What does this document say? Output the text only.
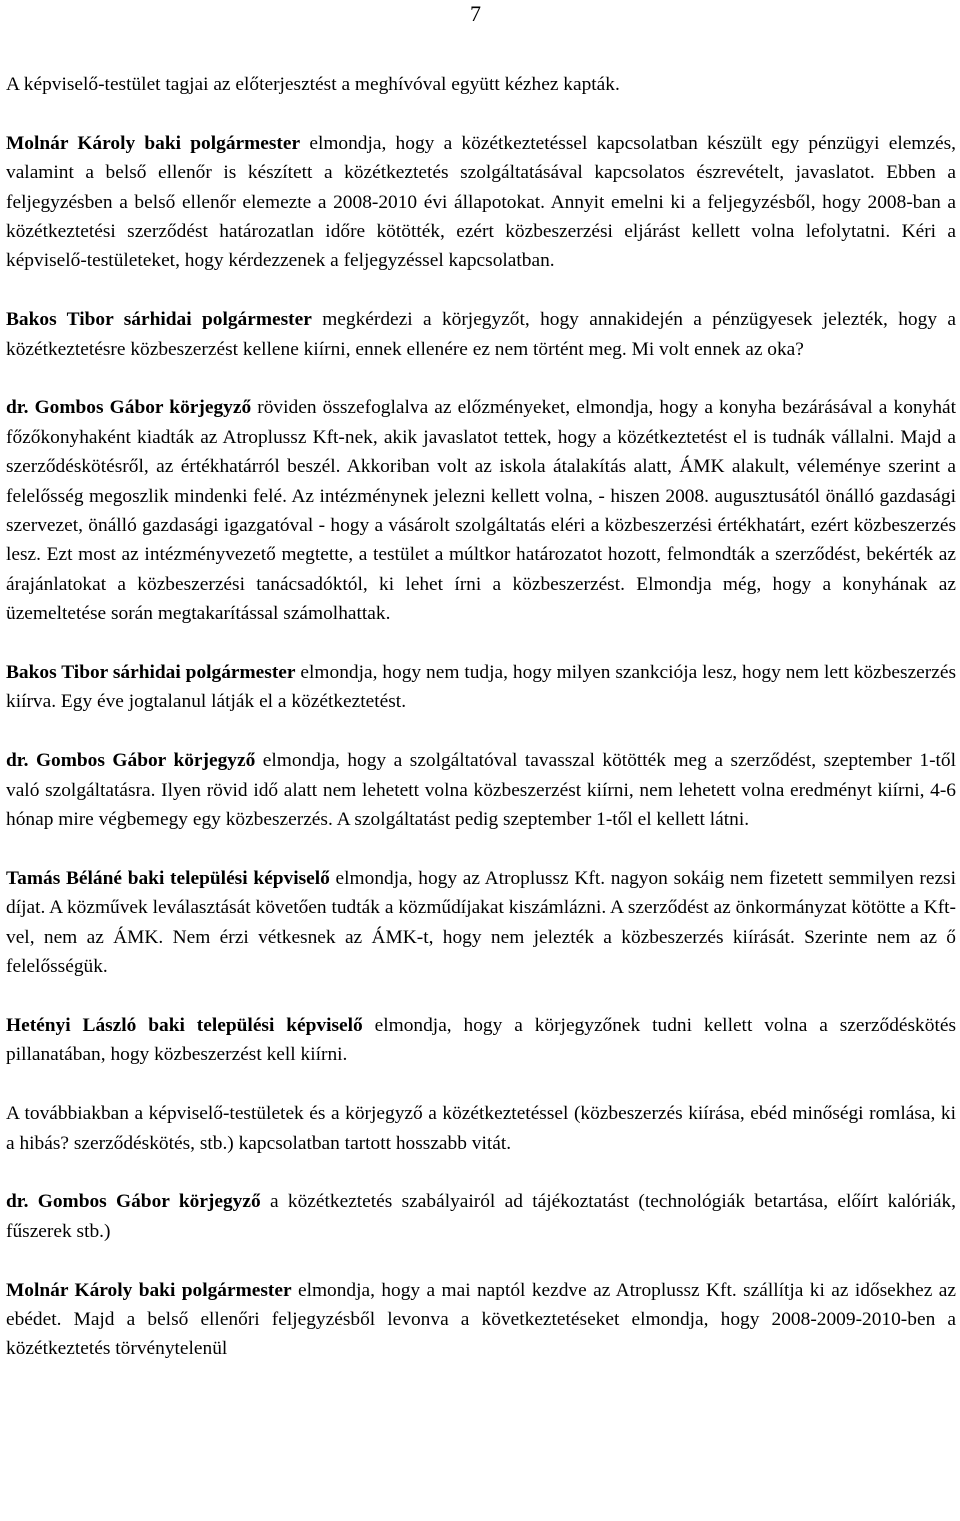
7

A képviselő-testület tagjai az előterjesztést a meghívóval együtt kézhez kapták.

Molnár Károly baki polgármester elmondja, hogy a közétkeztetéssel kapcsolatban készült egy pénzügyi elemzés, valamint a belső ellenőr is készített a közétkeztetés szolgáltatásával kapcsolatos észrevételt, javaslatot. Ebben a feljegyzésben a belső ellenőr elemezte a 2008-2010 évi állapotokat. Annyit emelni ki a feljegyzésből, hogy 2008-ban a közétkeztetési szerződést határozatlan időre kötötték, ezért közbeszerzési eljárást kellett volna lefolytatni. Kéri a képviselő-testületeket, hogy kérdezzenek a feljegyzéssel kapcsolatban.

Bakos Tibor sárhidai polgármester megkérdezi a körjegyzőt, hogy annakidején a pénzügyesek jelezték, hogy a közétkeztetésre közbeszerzést kellene kiírni, ennek ellenére ez nem történt meg. Mi volt ennek az oka?

dr. Gombos Gábor körjegyző röviden összefoglalva az előzményeket, elmondja, hogy a konyha bezárásával a konyhát főzőkonyhaként kiadták az Atroplussz Kft-nek, akik javaslatot tettek, hogy a közétkeztetést el is tudnák vállalni. Majd a szerződéskötésről, az értékhatárról beszél. Akkoriban volt az iskola átalakítás alatt, ÁMK alakult, véleménye szerint a felelősség megoszlik mindenki felé. Az intézménynek jelezni kellett volna, - hiszen 2008. augusztusától önálló gazdasági szervezet, önálló gazdasági igazgatóval - hogy a vásárolt szolgáltatás eléri a közbeszerzési értékhatárt, ezért közbeszerzés lesz. Ezt most az intézményvezető megtette, a testület a múltkor határozatot hozott, felmondták a szerződést, bekérték az árajánlatokat a közbeszerzési tanácsadóktól, ki lehet írni a közbeszerzést. Elmondja még, hogy a konyhának az üzemeltetése során megtakarítással számolhattak.

Bakos Tibor sárhidai polgármester elmondja, hogy nem tudja, hogy milyen szankciója lesz, hogy nem lett közbeszerzés kiírva. Egy éve jogtalanul látják el a közétkeztetést.

dr. Gombos Gábor körjegyző elmondja, hogy a szolgáltatóval tavasszal kötötték meg a szerződést, szeptember 1-től való szolgáltatásra. Ilyen rövid idő alatt nem lehetett volna közbeszerzést kiírni, nem lehetett volna eredményt kiírni, 4-6 hónap mire végbemegy egy közbeszerzés. A szolgáltatást pedig szeptember 1-től el kellett látni.

Tamás Béláné baki települési képviselő elmondja, hogy az Atroplussz Kft. nagyon sokáig nem fizetett semmilyen rezsi díjat. A közművek leválasztását követően tudták a közműdíjakat kiszámlázni. A szerződést az önkormányzat kötötte a Kft-vel, nem az ÁMK. Nem érzi vétkesnek az ÁMK-t, hogy nem jelezték a közbeszerzés kiírását. Szerinte nem az ő felelősségük.

Hetényi László baki települési képviselő elmondja, hogy a körjegyzőnek tudni kellett volna a szerződéskötés pillanatában, hogy közbeszerzést kell kiírni.

A továbbiakban a képviselő-testületek és a körjegyző a közétkeztetéssel (közbeszerzés kiírása, ebéd minőségi romlása, ki a hibás? szerződéskötés, stb.) kapcsolatban tartott hosszabb vitát.

dr. Gombos Gábor körjegyző a közétkeztetés szabályairól ad tájékoztatást (technológiák betartása, előírt kalóriák, fűszerek stb.)

Molnár Károly baki polgármester elmondja, hogy a mai naptól kezdve az Atroplussz Kft. szállítja ki az idősekhez az ebédet. Majd a belső ellenőri feljegyzésből levonva a következtetéseket elmondja, hogy 2008-2009-2010-ben a közétkeztetés törvénytelenül
